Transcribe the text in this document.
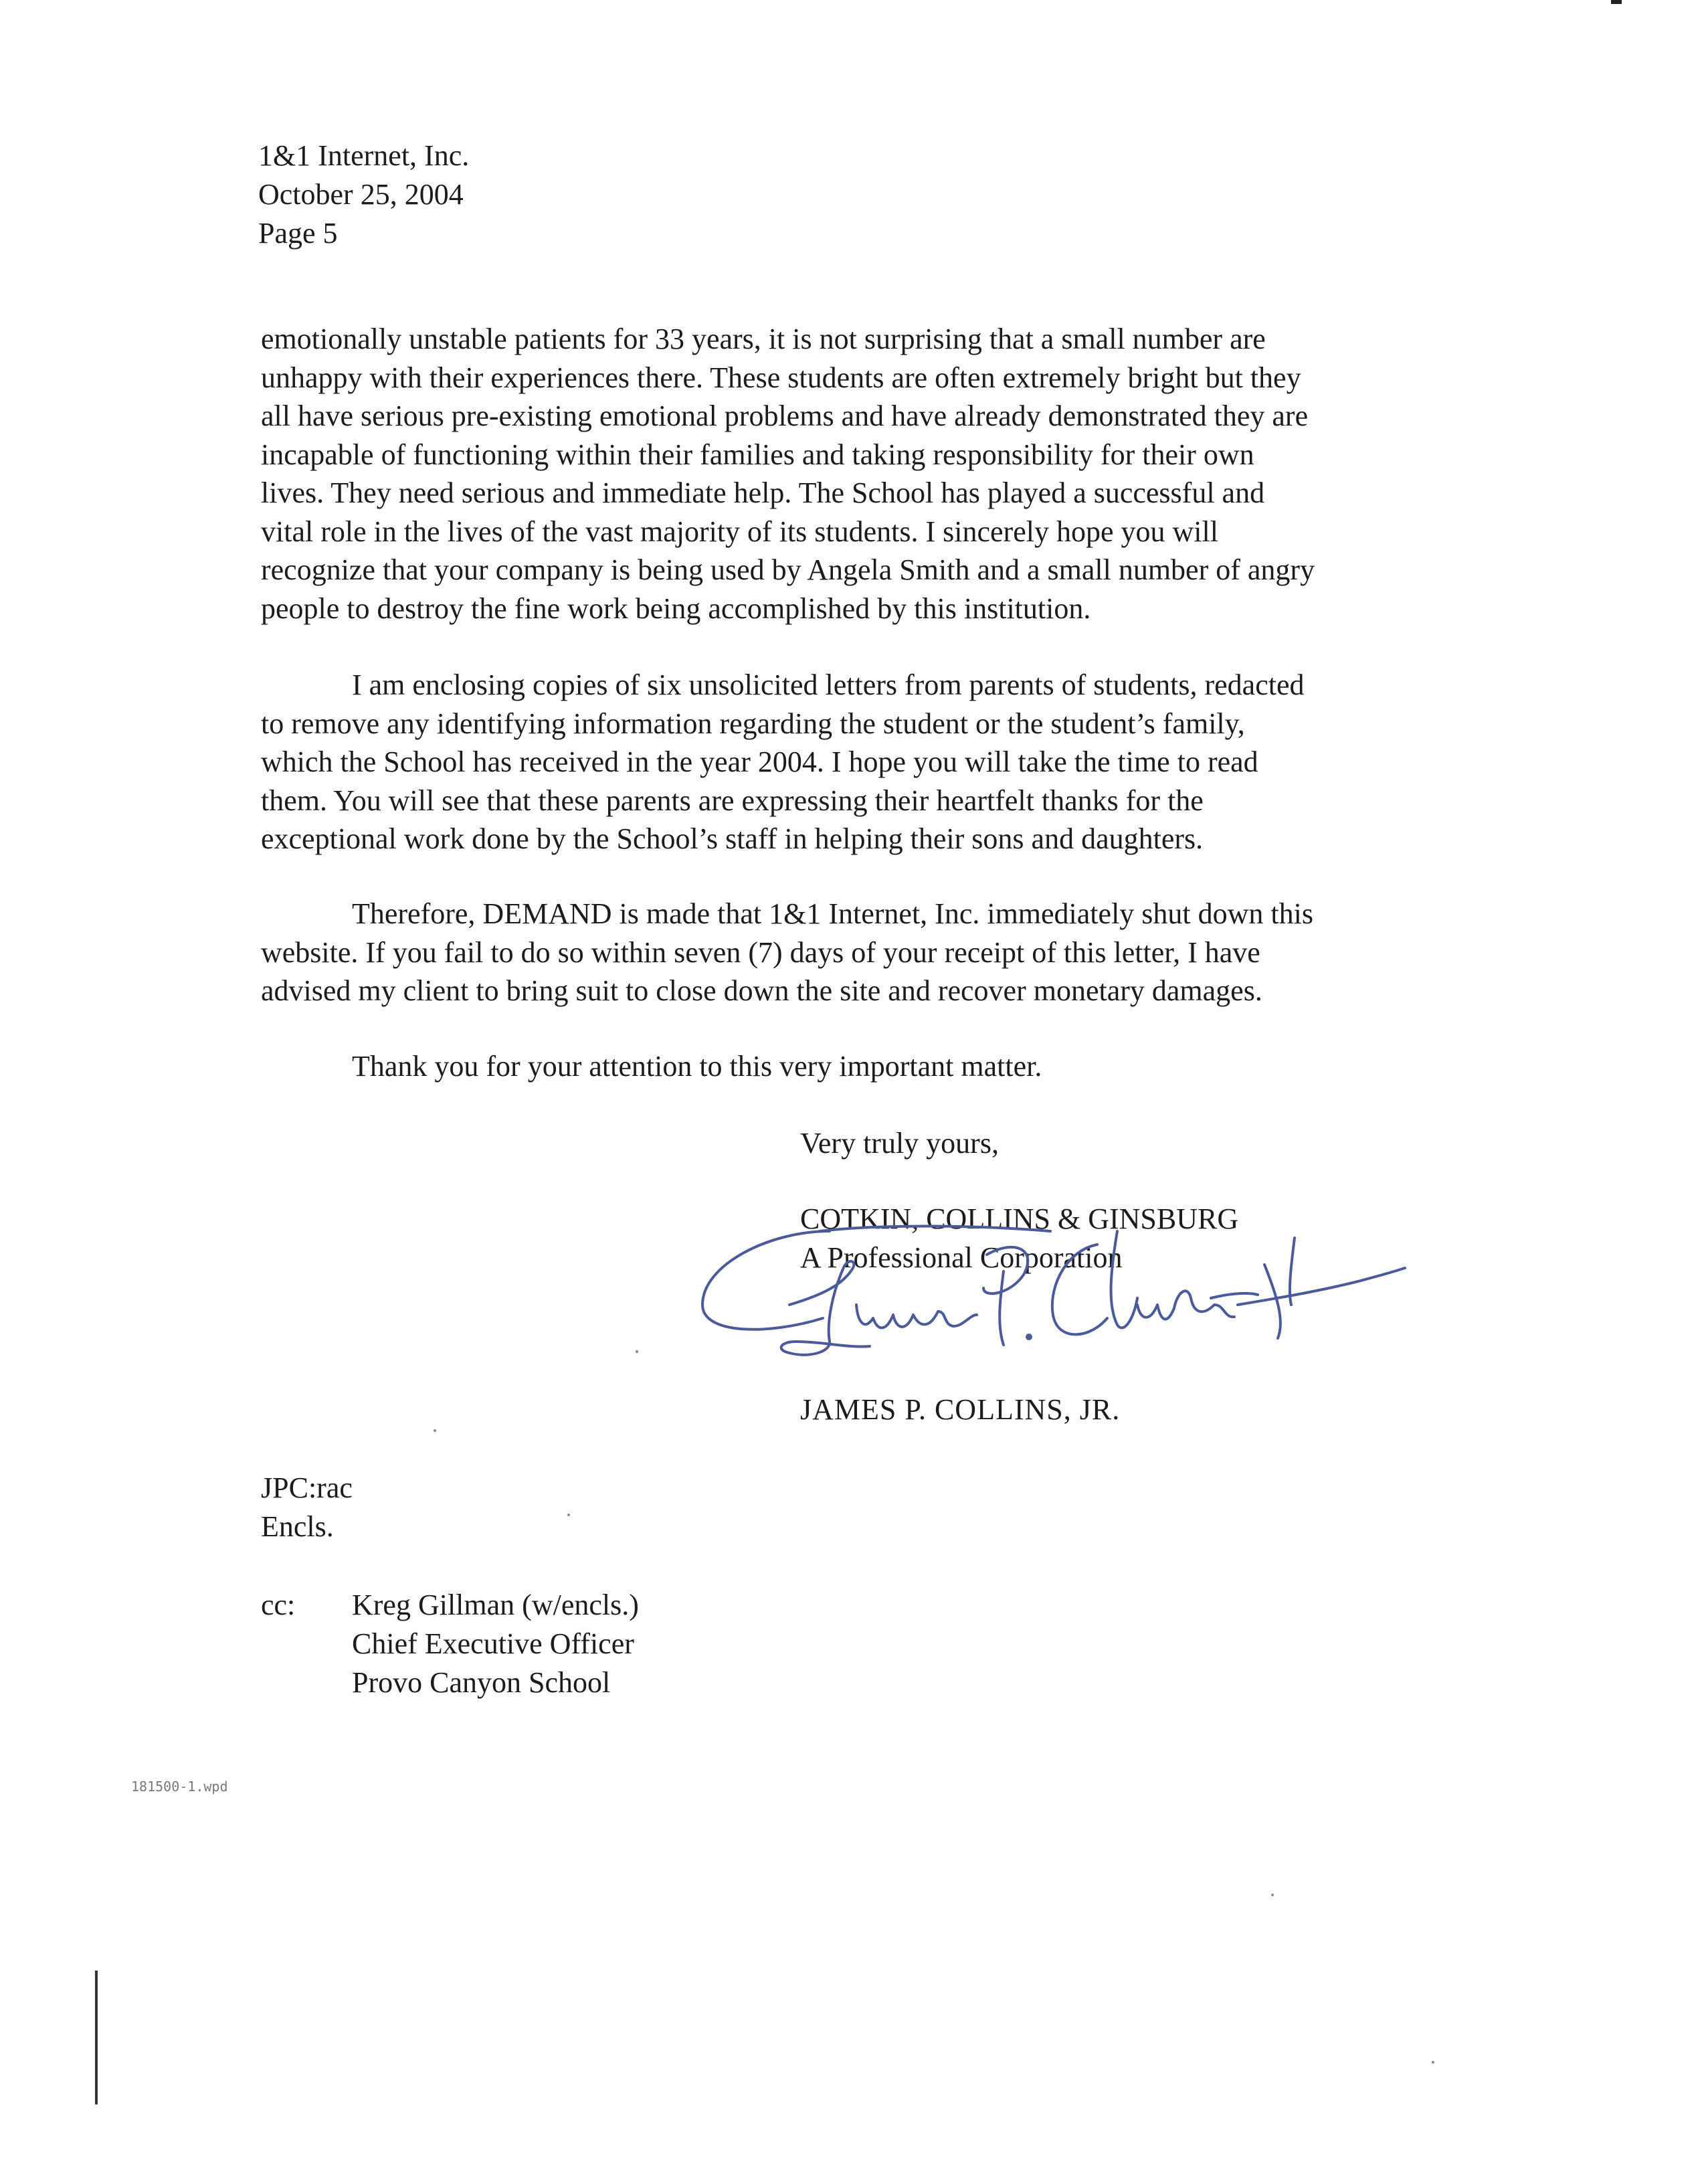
1&1 Internet, Inc.
October 25, 2004
Page 5
emotionally unstable patients for 33 years, it is not surprising that a small number are
unhappy with their experiences there. These students are often extremely bright but they
all have serious pre-existing emotional problems and have already demonstrated they are
incapable of functioning within their families and taking responsibility for their own
lives. They need serious and immediate help. The School has played a successful and
vital role in the lives of the vast majority of its students. I sincerely hope you will
recognize that your company is being used by Angela Smith and a small number of angry
people to destroy the fine work being accomplished by this institution.
I am enclosing copies of six unsolicited letters from parents of students, redacted
to remove any identifying information regarding the student or the student’s family,
which the School has received in the year 2004. I hope you will take the time to read
them. You will see that these parents are expressing their heartfelt thanks for the
exceptional work done by the School’s staff in helping their sons and daughters.
Therefore, DEMAND is made that 1&1 Internet, Inc. immediately shut down this
website. If you fail to do so within seven (7) days of your receipt of this letter, I have
advised my client to bring suit to close down the site and recover monetary damages.
Thank you for your attention to this very important matter.
Very truly yours,
COTKIN, COLLINS & GINSBURG
A Professional Corporation
JAMES P. COLLINS, JR.
JPC:rac
Encls.
cc: Kreg Gillman (w/encls.)
Chief Executive Officer
Provo Canyon School
181500-1.wpd
